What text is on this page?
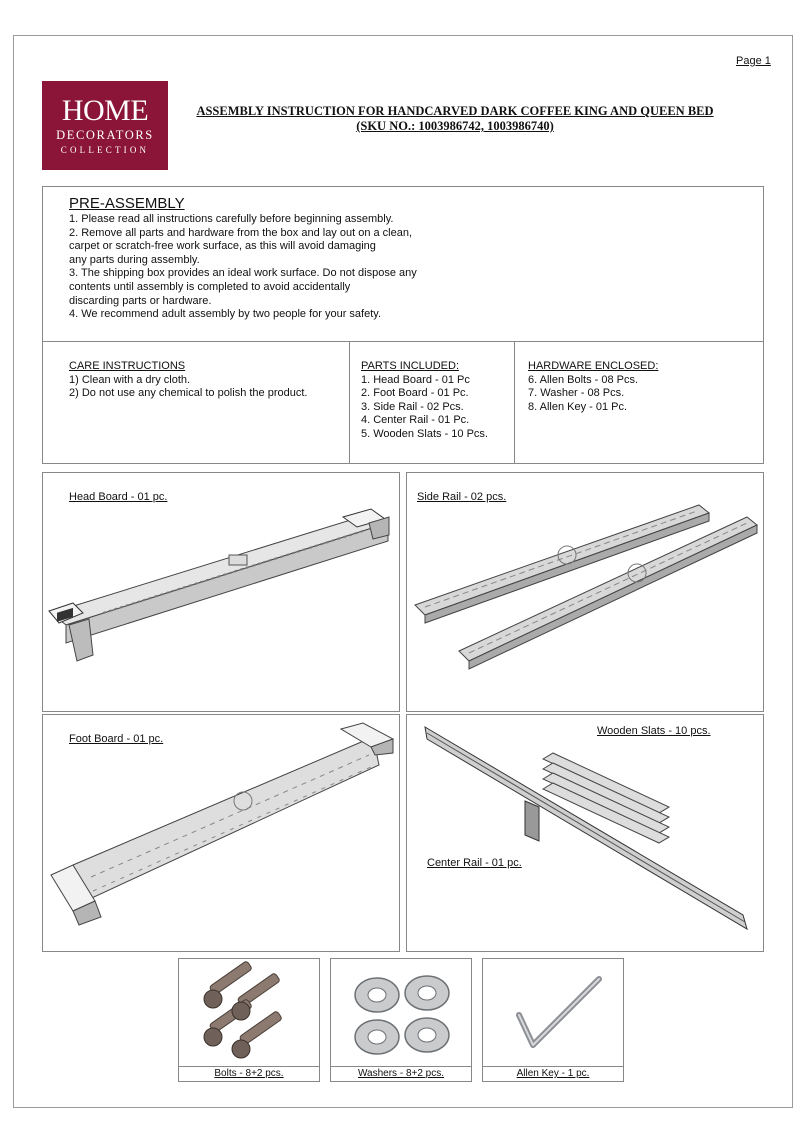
Page 1
HOME
DECORATORS
COLLECTION
ASSEMBLY INSTRUCTION FOR HANDCARVED DARK COFFEE KING AND QUEEN BED
(SKU NO.: 1003986742, 1003986740)
PRE-ASSEMBLY
1. Please read all instructions carefully before beginning assembly.
2. Remove all parts and hardware from the box and lay out on a clean,
carpet or scratch-free work surface, as this will avoid damaging
any parts during assembly.
3. The shipping box provides an ideal work surface. Do not dispose any
contents until assembly is completed to avoid accidentally
discarding parts or hardware.
4. We recommend adult assembly by two people for your safety.
CARE INSTRUCTIONS
1) Clean with a dry cloth.
2) Do not use any chemical to polish the product.
PARTS INCLUDED:
1. Head Board - 01 Pc
2. Foot Board - 01 Pc.
3. Side Rail - 02 Pcs.
4. Center Rail - 01 Pc.
5. Wooden Slats - 10 Pcs.
HARDWARE ENCLOSED:
6. Allen Bolts - 08 Pcs.
7. Washer - 08 Pcs.
8. Allen Key - 01 Pc.
Head Board - 01 pc.	Side Rail - 02 pcs.
Foot Board - 01 pc.
Wooden Slats - 10 pcs.
Center Rail - 01 pc.
Bolts - 8+2 pcs.	Washers - 8+2 pcs.	Allen Key - 1 pc.
